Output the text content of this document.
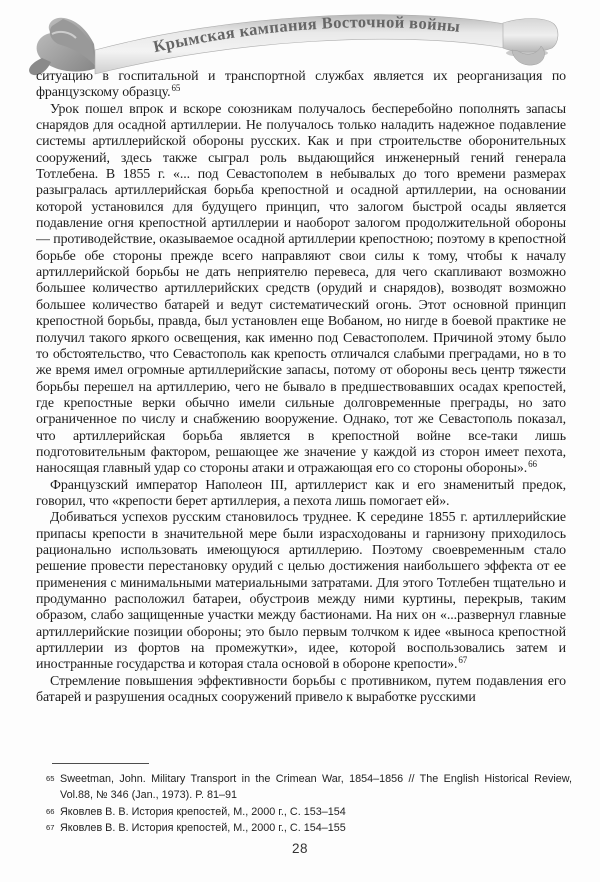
Крымская кампания Восточной войны

ситуацию в госпитальной и транспортной службах является их реорганизация по французскому образцу.$^{65}$

Урок пошел впрок и вскоре союзникам получалось бесперебойно пополнять запасы снарядов для осадной артиллерии. Не получалось только наладить надежное подавление системы артиллерийской обороны русских. Как и при строительстве оборонительных сооружений, здесь также сыграл роль выдающийся инженерный гений генерала Тотлебена. В 1855 г. «... под Севастополем в небывалых до того времени размерах разыгралась артиллерийская борьба крепостной и осадной артиллерии, на основании которой установился для будущего принцип, что залогом быстрой осады является подавление огня крепостной артиллерии и наоборот залогом продолжительной обороны — противодействие, оказываемое осадной артиллерии крепостною; поэтому в крепостной борьбе обе стороны прежде всего направляют свои силы к тому, чтобы к началу артиллерийской борьбы не дать неприятелю перевеса, для чего скапливают возможно большее количество артиллерийских средств (орудий и снарядов), возводят возможно большее количество батарей и ведут систематический огонь. Этот основной принцип крепостной борьбы, правда, был установлен еще Вобаном, но нигде в боевой практике не получил такого яркого освещения, как именно под Севастополем. Причиной этому было то обстоятельство, что Севастополь как крепость отличался слабыми преградами, но в то же время имел огромные артиллерийские запасы, потому от обороны весь центр тяжести борьбы перешел на артиллерию, чего не бывало в предшествовавших осадах крепостей, где крепостные верки обычно имели сильные долговременные преграды, но зато ограниченное по числу и снабжению вооружение. Однако, тот же Севастополь показал, что артиллерийская борьба является в крепостной войне все-таки лишь подготовительным фактором, решающее же значение у каждой из сторон имеет пехота, наносящая главный удар со стороны атаки и отражающая его со стороны обороны».$^{66}$

Французский император Наполеон III, артиллерист как и его знаменитый предок, говорил, что «крепости берет артиллерия, а пехота лишь помогает ей».

Добиваться успехов русским становилось труднее. К середине 1855 г. артиллерийские припасы крепости в значительной мере были израсходованы и гарнизону приходилось рационально использовать имеющуюся артиллерию. Поэтому своевременным стало решение провести перестановку орудий с целью достижения наибольшего эффекта от ее применения с минимальными материальными затратами. Для этого Тотлебен тщательно и продуманно расположил батареи, обустроив между ними куртины, перекрыв, таким образом, слабо защищенные участки между бастионами. На них он «...развернул главные артиллерийские позиции обороны; это было первым толчком к идее «выноса крепостной артиллерии из фортов на промежутки», идее, которой воспользовались затем и иностранные государства и которая стала основой в обороне крепости».$^{67}$

Стремление повышения эффективности борьбы с противником, путем подавления его батарей и разрушения осадных сооружений привело к выработке русскими

65 Sweetman, John. Military Transport in the Crimean War, 1854–1856 // The English Historical Review, Vol.88, № 346 (Jan., 1973). P. 81–91
66 Яковлев В. В. История крепостей, М., 2000 г., С. 153–154
67 Яковлев В. В. История крепостей, М., 2000 г., С. 154–155
28
